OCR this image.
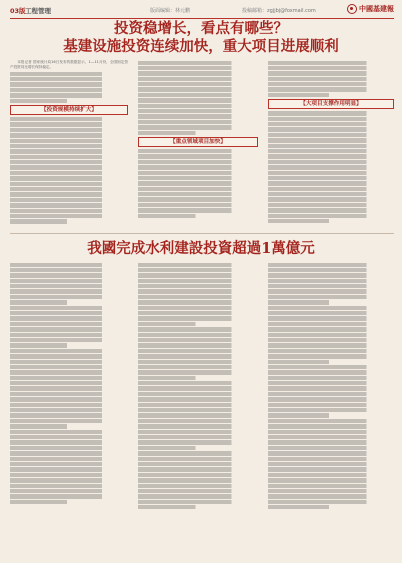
03版 工程管理	版面编辑：林元鹏	投稿邮箱：zgjjbj@foxmail.com	中國基建報
投资稳增长，看点有哪些？
基建设施投资连续加快，重大项目进展顺利

本报记者 国家统计局16日发布的数据显示，1—11月份，全国固定资产投资同比增长保持稳定。

【投资规模持续扩大】
【重点领域项目加快】
【大项目支撑作用明显】
我國完成水利建設投資超過1萬億元
